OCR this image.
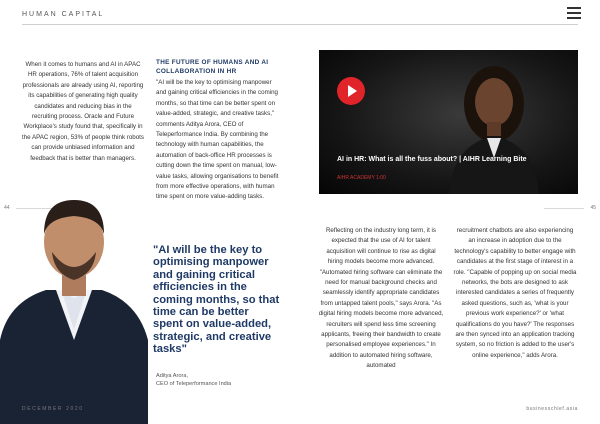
HUMAN CAPITAL
When it comes to humans and AI in APAC HR operations, 76% of talent acquisition professionals are already using AI, reporting its capabilities of generating high quality candidates and reducing bias in the recruiting process. Oracle and Future Workplace's study found that, specifically in the APAC region, 53% of people think robots can provide unbiased information and feedback that is better than managers.
THE FUTURE OF HUMANS AND AI COLLABORATION IN HR
"AI will be the key to optimising manpower and gaining critical efficiencies in the coming months, so that time can be better spent on value-added, strategic, and creative tasks," comments Aditya Arora, CEO of Teleperformance India. By combining the technology with human capabilities, the automation of back-office HR processes is cutting down the time spent on manual, low-value tasks, allowing organisations to benefit from more effective operations, with human time spent on more value-adding tasks.
AI in HR: What is all the fuss about? | AIHR Learning Bite
AIHR ACADEMY 1:00
44	45
Reflecting on the industry long term, it is expected that the use of AI for talent acquisition will continue to rise as digital hiring models become more advanced. "Automated hiring software can eliminate the need for manual background checks and seamlessly identify appropriate candidates from untapped talent pools," says Arora. "As digital hiring models become more advanced, recruiters will spend less time screening applicants, freeing their bandwidth to create personalised employee experiences." In addition to automated hiring software, automated
recruitment chatbots are also experiencing an increase in adoption due to the technology's capability to better engage with candidates at the first stage of interest in a role. "Capable of popping up on social media networks, the bots are designed to ask interested candidates a series of frequently asked questions, such as, 'what is your previous work experience?' or 'what qualifications do you have?' The responses are then synced into an application tracking system, so no friction is added to the user's online experience," adds Arora.
"AI will be the key to optimising manpower and gaining critical efficiencies in the coming months, so that time can be better spent on value-added, strategic, and creative tasks"
Aditya Arora,
CEO of Teleperformance India
DECEMBER 2020	businesschief.asia
